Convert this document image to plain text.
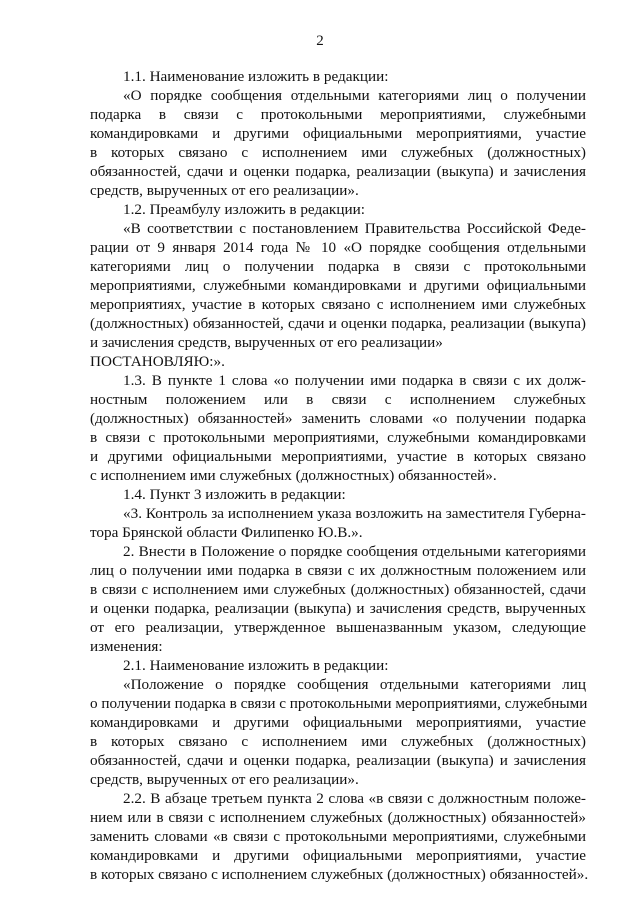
2
1.1. Наименование изложить в редакции:
«О порядке сообщения отдельными категориями лиц о получении
подарка в связи с протокольными мероприятиями, служебными
командировками и другими официальными мероприятиями, участие
в которых связано с исполнением ими служебных (должностных)
обязанностей, сдачи и оценки подарка, реализации (выкупа) и зачисления
средств, вырученных от его реализации».
1.2. Преамбулу изложить в редакции:
«В соответствии с постановлением Правительства Российской Феде-
рации от 9 января 2014 года № 10 «О порядке сообщения отдельными
категориями лиц о получении подарка в связи с протокольными
мероприятиями, служебными командировками и другими официальными
мероприятиях, участие в которых связано с исполнением ими служебных
(должностных) обязанностей, сдачи и оценки подарка, реализации (выкупа)
и зачисления средств, вырученных от его реализации»
ПОСТАНОВЛЯЮ:».
1.3. В пункте 1 слова «о получении ими подарка в связи с их долж-
ностным положением или в связи с исполнением служебных
(должностных) обязанностей» заменить словами «о получении подарка
в связи с протокольными мероприятиями, служебными командировками
и другими официальными мероприятиями, участие в которых связано
с исполнением ими служебных (должностных) обязанностей».
1.4. Пункт 3 изложить в редакции:
«3. Контроль за исполнением указа возложить на заместителя Губерна-
тора Брянской области Филипенко Ю.В.».
2. Внести в Положение о порядке сообщения отдельными категориями
лиц о получении ими подарка в связи с их должностным положением или
в связи с исполнением ими служебных (должностных) обязанностей, сдачи
и оценки подарка, реализации (выкупа) и зачисления средств, вырученных
от его реализации, утвержденное вышеназванным указом, следующие
изменения:
2.1. Наименование изложить в редакции:
«Положение о порядке сообщения отдельными категориями лиц
о получении подарка в связи с протокольными мероприятиями, служебными
командировками и другими официальными мероприятиями, участие
в которых связано с исполнением ими служебных (должностных)
обязанностей, сдачи и оценки подарка, реализации (выкупа) и зачисления
средств, вырученных от его реализации».
2.2. В абзаце третьем пункта 2 слова «в связи с должностным положе-
нием или в связи с исполнением служебных (должностных) обязанностей»
заменить словами «в связи с протокольными мероприятиями, служебными
командировками и другими официальными мероприятиями, участие
в которых связано с исполнением служебных (должностных) обязанностей».
